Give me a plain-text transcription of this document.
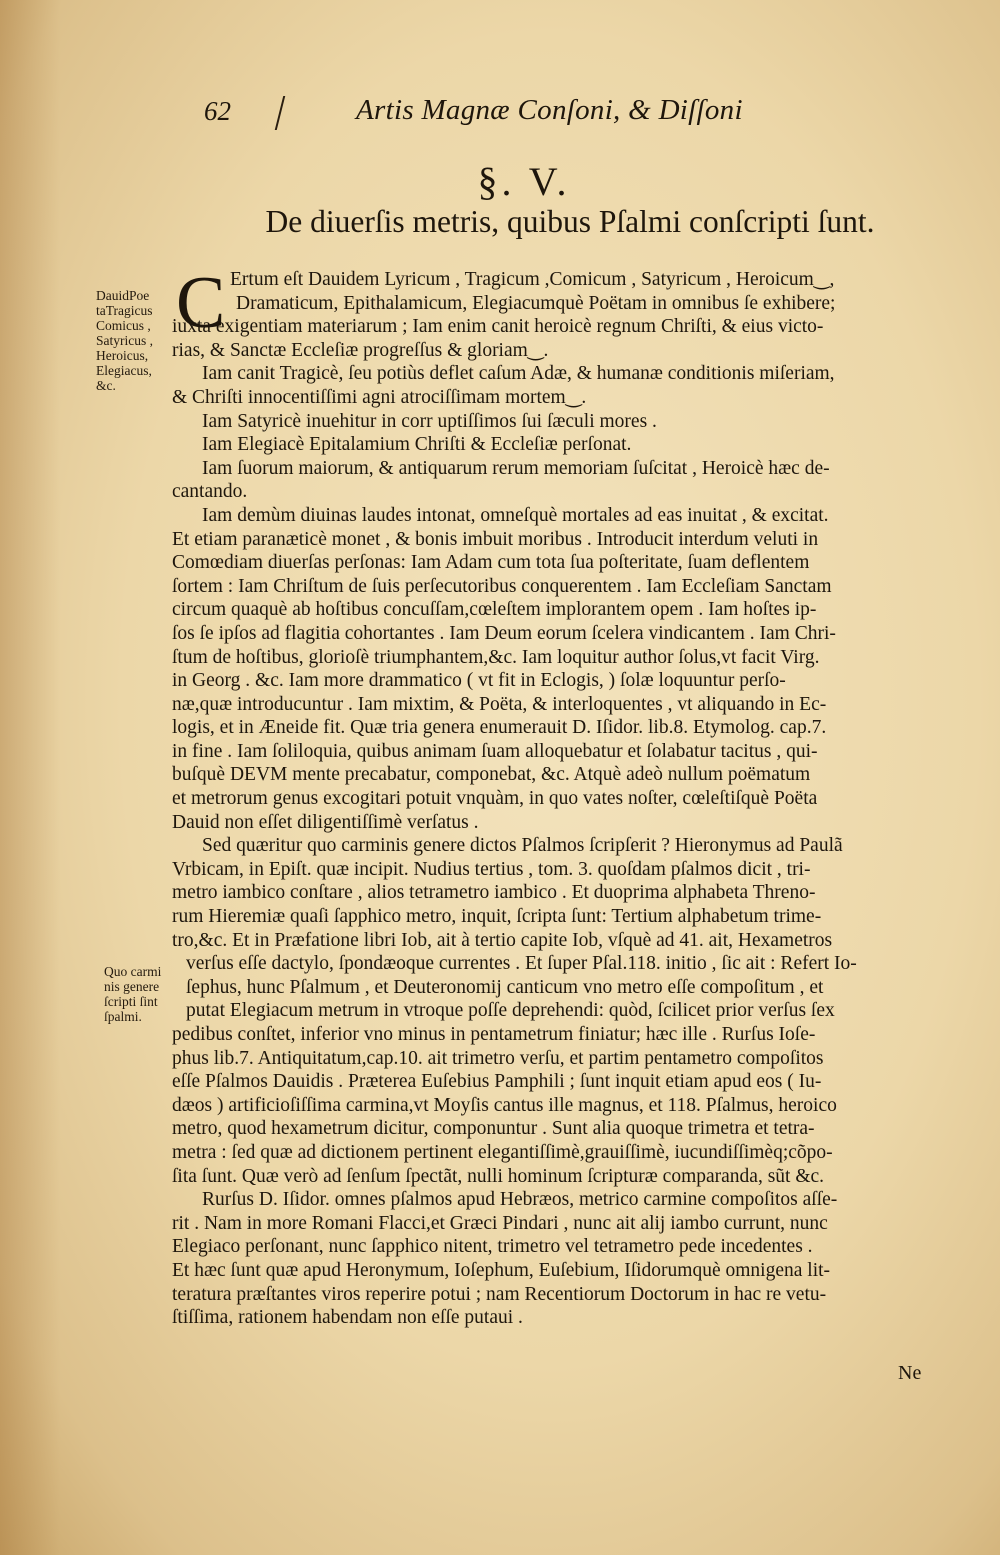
62	Artis Magnæ Conſoni, & Diſſoni
§. V.
De diuerſis metris, quibus Pſalmi conſcripti ſunt.
DauidPoe
taTragicus
Comicus ,
Satyricus ,
Heroicus,
Elegiacus,
&c.
Quo carmi
nis genere
ſcripti ſint
ſpalmi.
C Ertum eſt Dauidem Lyricum , Tragicum ,Comicum , Satyricum , Heroicum‿,
Dramaticum, Epithalamicum, Elegiacumquè Poëtam in omnibus ſe exhibere;
iuxta exigentiam materiarum ; Iam enim canit heroicè regnum Chriſti, & eius victo-
rias, & Sanctæ Eccleſiæ progreſſus & gloriam‿.
Iam canit Tragicè, ſeu potiùs deflet caſum Adæ, & humanæ conditionis miſeriam,
& Chriſti innocentiſſimi agni atrociſſimam mortem‿.
Iam Satyricè inuehitur in corr uptiſſimos ſui ſæculi mores .
Iam Elegiacè Epitalamium Chriſti & Eccleſiæ perſonat.
Iam ſuorum maiorum, & antiquarum rerum memoriam ſuſcitat , Heroicè hæc de-
cantando.
Iam demùm diuinas laudes intonat, omneſquè mortales ad eas inuitat , & excitat.
Et etiam paranæticè monet , & bonis imbuit moribus . Introducit interdum veluti in
Comœdiam diuerſas perſonas: Iam Adam cum tota ſua poſteritate, ſuam deflentem
ſortem : Iam Chriſtum de ſuis perſecutoribus conquerentem . Iam Eccleſiam Sanctam
circum quaquè ab hoſtibus concuſſam,cœleſtem implorantem opem . Iam hoſtes ip-
ſos ſe ipſos ad flagitia cohortantes . Iam Deum eorum ſcelera vindicantem . Iam Chri-
ſtum de hoſtibus, glorioſè triumphantem,&c. Iam loquitur author ſolus,vt facit Virg.
in Georg . &c. Iam more drammatico ( vt fit in Eclogis, ) ſolæ loquuntur perſo-
næ,quæ introducuntur . Iam mixtim, & Poëta, & interloquentes , vt aliquando in Ec-
logis, et in Æneide fit. Quæ tria genera enumerauit D. Iſidor. lib.8. Etymolog. cap.7.
in fine . Iam ſoliloquia, quibus animam ſuam alloquebatur et ſolabatur tacitus , qui-
buſquè DEVM mente precabatur, componebat, &c. Atquè adeò nullum poëmatum
et metrorum genus excogitari potuit vnquàm, in quo vates noſter, cœleſtiſquè Poëta
Dauid non eſſet diligentiſſimè verſatus .
Sed quæritur quo carminis genere dictos Pſalmos ſcripſerit ? Hieronymus ad Paulã
Vrbicam, in Epiſt. quæ incipit. Nudius tertius , tom. 3. quoſdam pſalmos dicit , tri-
metro iambico conſtare , alios tetrametro iambico . Et duoprima alphabeta Threno-
rum Hieremiæ quaſi ſapphico metro, inquit, ſcripta ſunt: Tertium alphabetum trime-
tro,&c. Et in Præfatione libri Iob, ait à tertio capite Iob, vſquè ad 41. ait, Hexametros
verſus eſſe dactylo, ſpondæoque currentes . Et ſuper Pſal.118. initio , ſic ait : Refert Io-
ſephus, hunc Pſalmum , et Deuteronomij canticum vno metro eſſe compoſitum , et
putat Elegiacum metrum in vtroque poſſe deprehendi: quòd, ſcilicet prior verſus ſex
pedibus conſtet, inferior vno minus in pentametrum finiatur; hæc ille . Rurſus Ioſe-
phus lib.7. Antiquitatum,cap.10. ait trimetro verſu, et partim pentametro compoſitos
eſſe Pſalmos Dauidis . Præterea Euſebius Pamphili ; ſunt inquit etiam apud eos ( Iu-
dæos ) artificioſiſſima carmina,vt Moyſis cantus ille magnus, et 118. Pſalmus, heroico
metro, quod hexametrum dicitur, componuntur . Sunt alia quoque trimetra et tetra-
metra : ſed quæ ad dictionem pertinent elegantiſſimè,grauiſſimè, iucundiſſimèq;cõpo-
ſita ſunt. Quæ verò ad ſenſum ſpectãt, nulli hominum ſcripturæ comparanda, sũt &c.
Rurſus D. Iſidor. omnes pſalmos apud Hebræos, metrico carmine compoſitos aſſe-
rit . Nam in more Romani Flacci,et Græci Pindari , nunc ait alij iambo currunt, nunc
Elegiaco perſonant, nunc ſapphico nitent, trimetro vel tetrametro pede incedentes .
Et hæc ſunt quæ apud Heronymum, Ioſephum, Euſebium, Iſidorumquè omnigena lit-
teratura præſtantes viros reperire potui ; nam Recentiorum Doctorum in hac re vetu-
ſtiſſima, rationem habendam non eſſe putaui .
Ne
